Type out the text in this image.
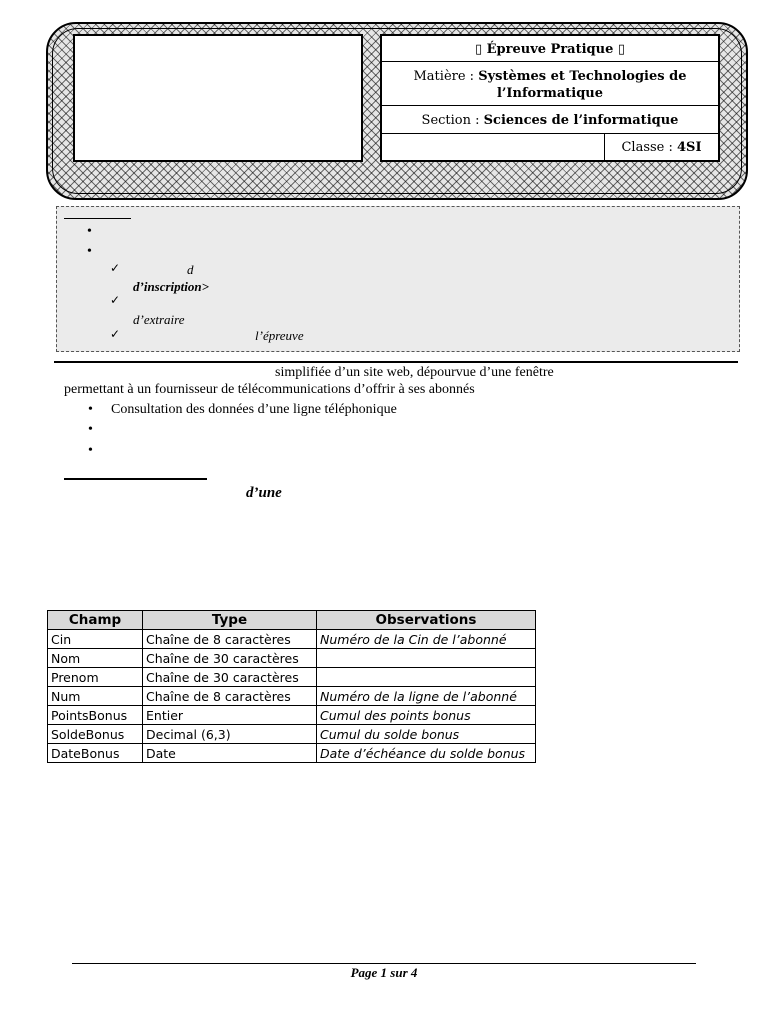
▯ Épreuve Pratique ▯
Matière : Systèmes et Technologies de l’Informatique
Section : Sciences de l’informatique
Classe : 4SI
•
•
✓	d
d’inscription>
✓
d’extraire
✓	l’épreuve
simplifiée d’un site web, dépourvue d’une fenêtre
permettant à un fournisseur de télécommunications d’offrir à ses abonnés
• Consultation des données d’une ligne téléphonique
•
•
d’une
Champ	Type	Observations
Cin	Chaîne de 8 caractères	Numéro de la Cin de l’abonné
Nom	Chaîne de 30 caractères	
Prenom	Chaîne de 30 caractères	
Num	Chaîne de 8 caractères	Numéro de la ligne de l’abonné
PointsBonus	Entier	Cumul des points bonus
SoldeBonus	Decimal (6,3)	Cumul du solde bonus
DateBonus	Date	Date d’échéance du solde bonus
Page 1 sur 4
